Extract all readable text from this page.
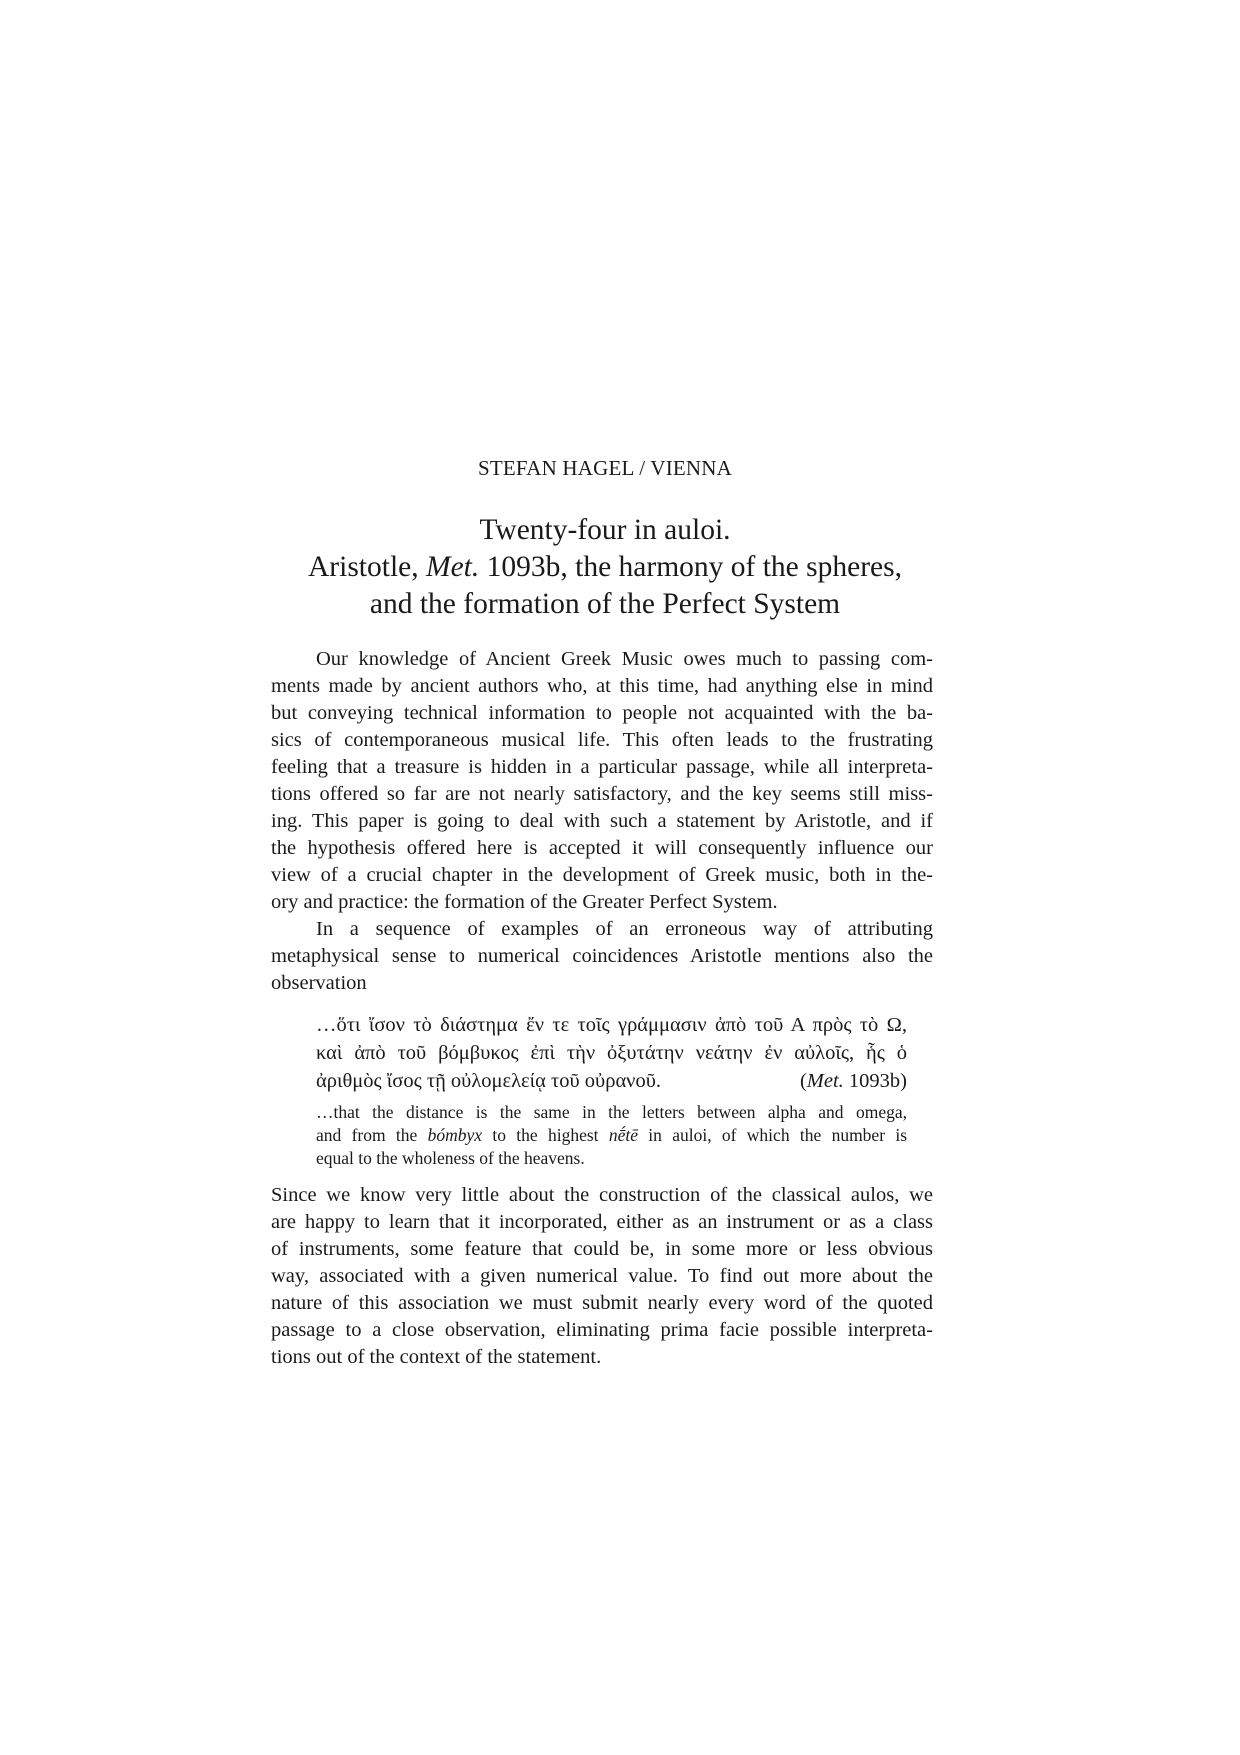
STEFAN HAGEL / VIENNA
Twenty-four in auloi.
Aristotle, Met. 1093b, the harmony of the spheres,
and the formation of the Perfect System
Our knowledge of Ancient Greek Music owes much to passing com-
ments made by ancient authors who, at this time, had anything else in mind
but conveying technical information to people not acquainted with the ba-
sics of contemporaneous musical life. This often leads to the frustrating
feeling that a treasure is hidden in a particular passage, while all interpreta-
tions offered so far are not nearly satisfactory, and the key seems still miss-
ing. This paper is going to deal with such a statement by Aristotle, and if
the hypothesis offered here is accepted it will consequently influence our
view of a crucial chapter in the development of Greek music, both in the-
ory and practice: the formation of the Greater Perfect System.
In a sequence of examples of an erroneous way of attributing
metaphysical sense to numerical coincidences Aristotle mentions also the
observation
…ὅτι ἴσον τὸ διάστημα ἔν τε τοῖς γράμμασιν ἀπὸ τοῦ Α πρὸς τὸ Ω,
καὶ ἀπὸ τοῦ βόμβυκος ἐπὶ τὴν ὀξυτάτην νεάτην ἐν αὐλοῖς, ἧς ὁ
ἀριθμὸς ἴσος τῇ οὐλομελείᾳ τοῦ οὐρανοῦ.	(Met. 1093b)
…that the distance is the same in the letters between alpha and omega,
and from the bómbyx to the highest nḗtē in auloi, of which the number is
equal to the wholeness of the heavens.
Since we know very little about the construction of the classical aulos, we
are happy to learn that it incorporated, either as an instrument or as a class
of instruments, some feature that could be, in some more or less obvious
way, associated with a given numerical value. To find out more about the
nature of this association we must submit nearly every word of the quoted
passage to a close observation, eliminating prima facie possible interpreta-
tions out of the context of the statement.
